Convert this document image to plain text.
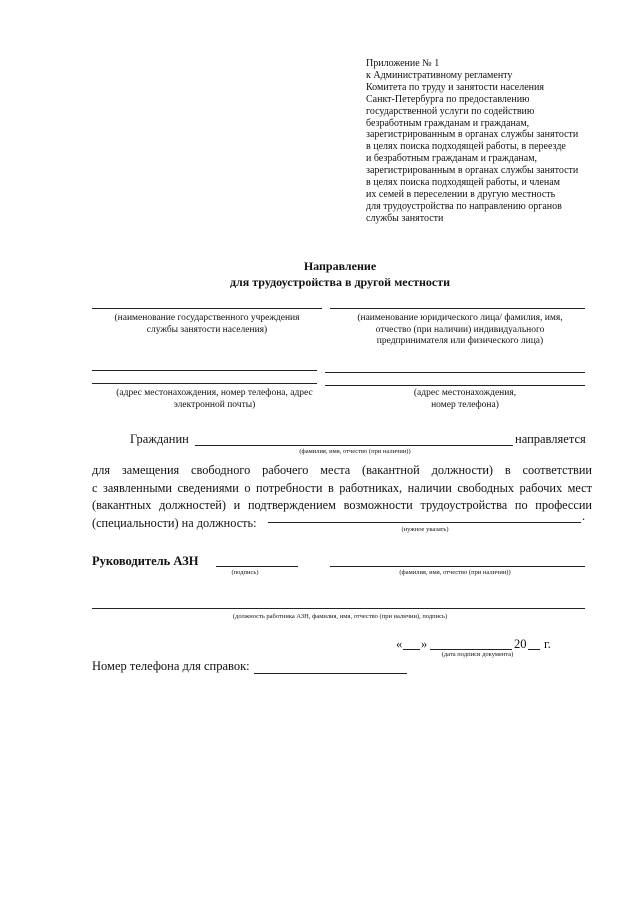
Приложение № 1
к Административному регламенту
Комитета по труду и занятости населения
Санкт-Петербурга по предоставлению
государственной услуги по содействию
безработным гражданам и гражданам,
зарегистрированным в органах службы занятости
в целях поиска подходящей работы, в переезде
и безработным гражданам и гражданам,
зарегистрированным в органах службы занятости
в целях поиска подходящей работы, и членам
их семей в переселении в другую местность
для трудоустройства по направлению органов
службы занятости
Направление
для трудоустройства в другой местности
(наименование государственного учреждения службы занятости населения)
(наименование юридического лица/ фамилия, имя, отчество (при наличии) индивидуального предпринимателя или физического лица)
(адрес местонахождения, номер телефона, адрес электронной почты)
(адрес местонахождения, номер телефона)
Гражданин	направляется
(фамилия, имя, отчество (при наличии))
для замещения свободного рабочего места (вакантной должности) в соответствии
с заявленными сведениями о потребности в работниках, наличии свободных рабочих мест
(вакантных должностей) и подтверждением возможности трудоустройства по профессии
(специальности) на должность:	.
(нужное указать)
Руководитель АЗН
(подпись)	(фамилия, имя, отчество (при наличии))
(должность работника АЗН, фамилия, имя, отчество (при наличии), подпись)
« »	20 г.
(дата подписи документа)
Номер телефона для справок:
